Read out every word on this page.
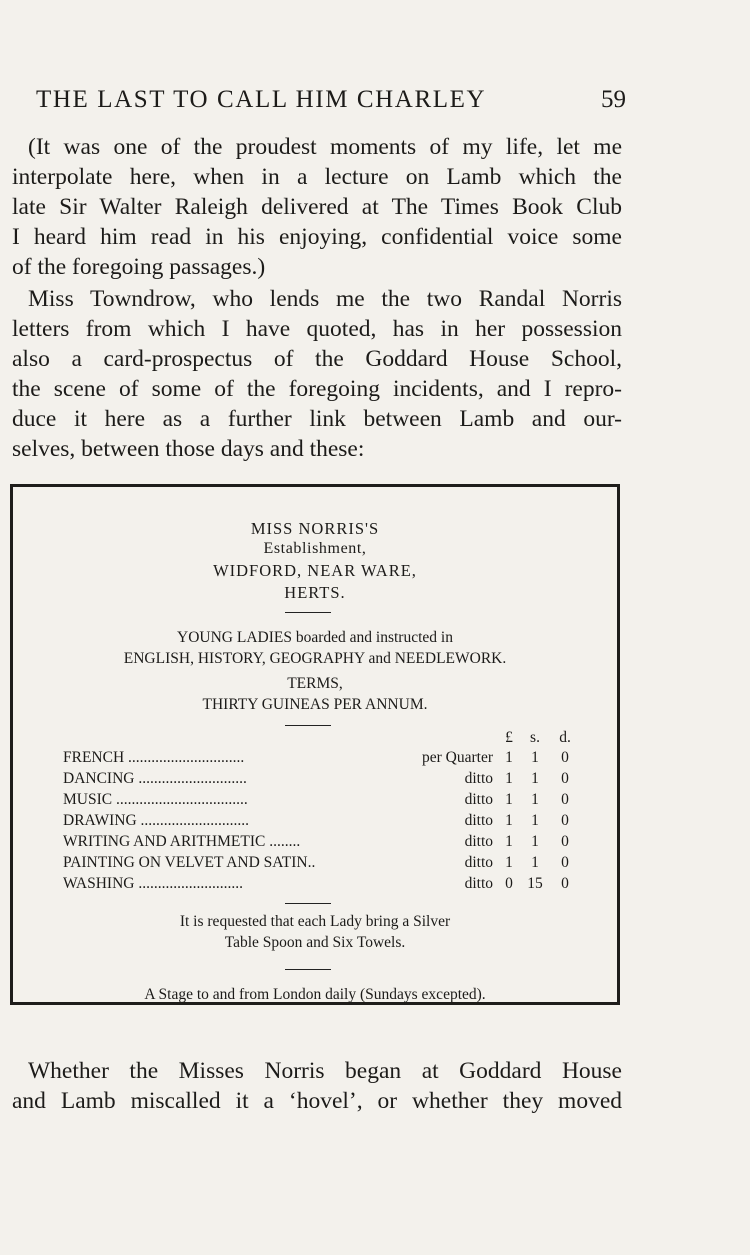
THE LAST TO CALL HIM CHARLEY	59
(It was one of the proudest moments of my life, let me
interpolate here, when in a lecture on Lamb which the
late Sir Walter Raleigh delivered at The Times Book Club
I heard him read in his enjoying, confidential voice some
of the foregoing passages.)
Miss Towndrow, who lends me the two Randal Norris
letters from which I have quoted, has in her possession
also a card-prospectus of the Goddard House School,
the scene of some of the foregoing incidents, and I repro-
duce it here as a further link between Lamb and our-
selves, between those days and these:
MISS NORRIS'S
Establishment,
WIDFORD, NEAR WARE,
HERTS.
YOUNG LADIES boarded and instructed in
ENGLISH, HISTORY, GEOGRAPHY and NEEDLEWORK.
TERMS,
THIRTY GUINEAS PER ANNUM.
£ s. d.
FRENCH ..............................	per Quarter 1 1 0
DANCING ............................	ditto 1 1 0
MUSIC ..................................	ditto 1 1 0
DRAWING ............................	ditto 1 1 0
WRITING AND ARITHMETIC ........	ditto 1 1 0
PAINTING ON VELVET AND SATIN..	ditto 1 1 0
WASHING ...........................	ditto 0 15 0
It is requested that each Lady bring a Silver
Table Spoon and Six Towels.
A Stage to and from London daily (Sundays excepted).
Whether the Misses Norris began at Goddard House
and Lamb miscalled it a ‘hovel’, or whether they moved
